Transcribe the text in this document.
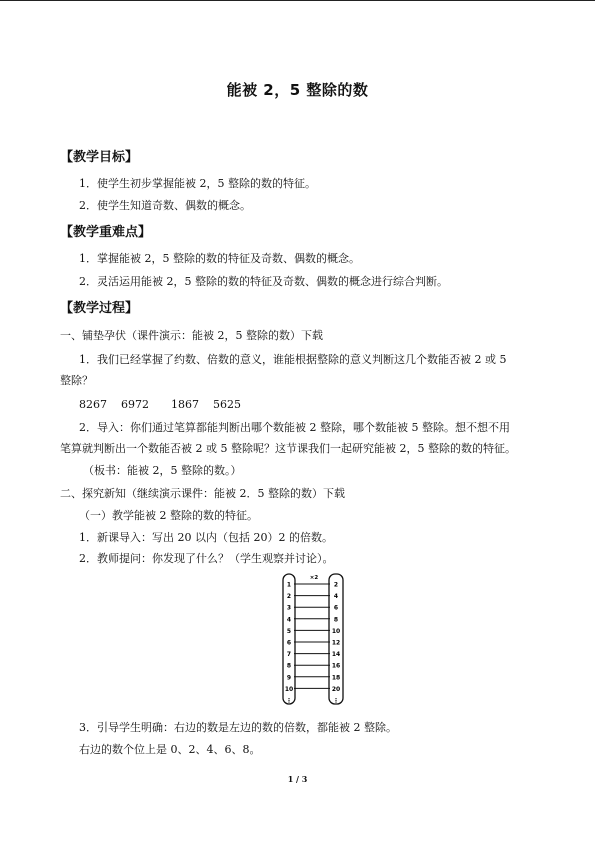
能被 2，5 整除的数
【教学目标】
1．使学生初步掌握能被 2，5 整除的数的特征。
2．使学生知道奇数、偶数的概念。
【教学重难点】
1．掌握能被 2，5 整除的数的特征及奇数、偶数的概念。
2．灵活运用能被 2，5 整除的数的特征及奇数、偶数的概念进行综合判断。
【教学过程】
一、铺垫孕伏（课件演示：能被 2，5 整除的数）下载
1．我们已经掌握了约数、倍数的意义，谁能根据整除的意义判断这几个数能否被 2 或 5
整除？
8267 6972 1867 5625
2．导入：你们通过笔算都能判断出哪个数能被 2 整除，哪个数能被 5 整除。想不想不用
笔算就判断出一个数能否被 2 或 5 整除呢？这节课我们一起研究能被 2，5 整除的数的特征。
（板书：能被 2，5 整除的数。）
二、探究新知（继续演示课件：能被 2．5 整除的数）下载
（一）教学能被 2 整除的数的特征。
1．新课导入：写出 20 以内（包括 20）2 的倍数。
2．教师提问：你发现了什么？（学生观察并讨论）。
×2
1	2
2	4
3	6
4	8
5	10
6	12
7	14
8	16
9	18
10	20
⋮	⋮
3．引导学生明确：右边的数是左边的数的倍数，都能被 2 整除。
右边的数个位上是 0、2、4、6、8。
1 / 3
